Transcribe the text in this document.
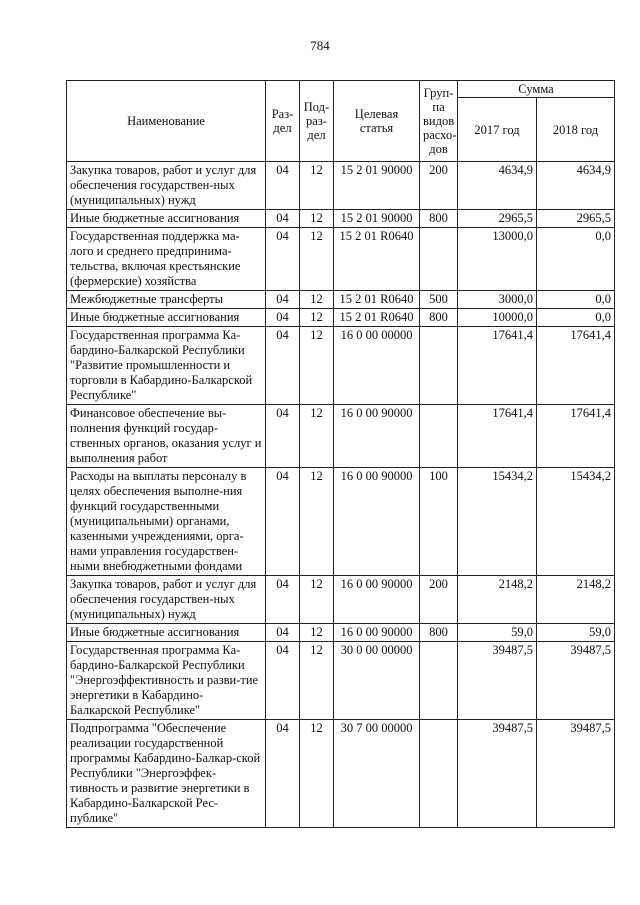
784
Наименование	Раз-дел	Под-раз-дел	Целевая статья	Груп-па видов расхо-дов	Сумма	
					2017 год	2018 год
Закупка товаров, работ и услуг для обеспечения государствен-ных (муниципальных) нужд	04	12	15 2 01 90000	200	4634,9	4634,9
Иные бюджетные ассигнования	04	12	15 2 01 90000	800	2965,5	2965,5
Государственная поддержка ма-лого и среднего предпринима-тельства, включая крестьянские (фермерские) хозяйства	04	12	15 2 01 R0640		13000,0	0,0
Межбюджетные трансферты	04	12	15 2 01 R0640	500	3000,0	0,0
Иные бюджетные ассигнования	04	12	15 2 01 R0640	800	10000,0	0,0
Государственная программа Ка-бардино-Балкарской Республики "Развитие промышленности и торговли в Кабардино-Балкарской Республике"	04	12	16 0 00 00000		17641,4	17641,4
Финансовое обеспечение вы-полнения функций государ-ственных органов, оказания услуг и выполнения работ	04	12	16 0 00 90000		17641,4	17641,4
Расходы на выплаты персоналу в целях обеспечения выполне-ния функций государственными (муниципальными) органами, казенными учреждениями, орга-нами управления государствен-ными внебюджетными фондами	04	12	16 0 00 90000	100	15434,2	15434,2
Закупка товаров, работ и услуг для обеспечения государствен-ных (муниципальных) нужд	04	12	16 0 00 90000	200	2148,2	2148,2
Иные бюджетные ассигнования	04	12	16 0 00 90000	800	59,0	59,0
Государственная программа Ка-бардино-Балкарской Республики "Энергоэффективность и разви-тие энергетики в Кабардино-Балкарской Республике"	04	12	30 0 00 00000		39487,5	39487,5
Подпрограмма "Обеспечение реализации государственной программы Кабардино-Балкар-ской Республики "Энергоэффек-тивность и развитие энергетики в Кабардино-Балкарской Рес-публике"	04	12	30 7 00 00000		39487,5	39487,5
